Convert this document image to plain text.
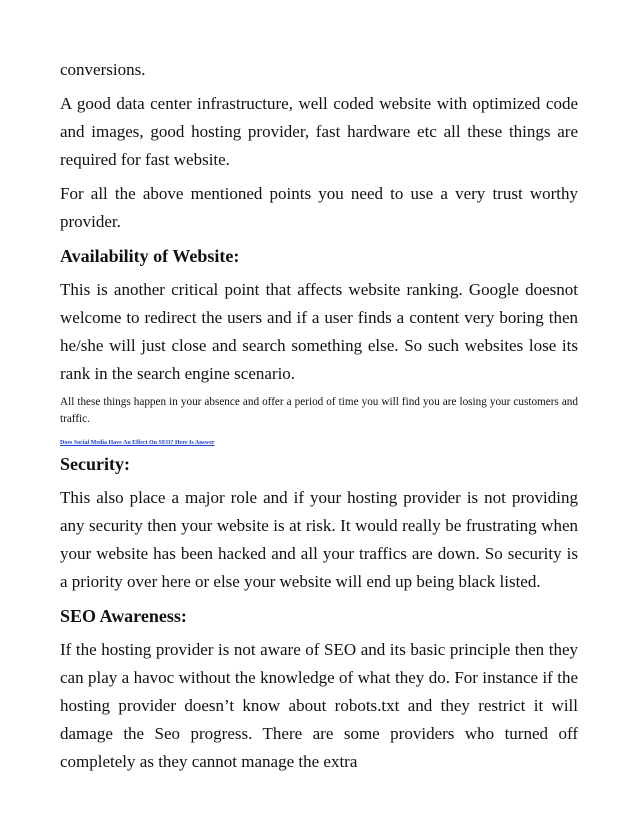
conversions.

A good data center infrastructure, well coded website with optimized code and images, good hosting provider, fast hardware etc all these things are required for fast website.

For all the above mentioned points you need to use a very trust worthy provider.

Availability of Website:

This is another critical point that affects website ranking. Google doesnot welcome to redirect the users and if a user finds a content very boring then he/she will just close and search something else. So such websites lose its rank in the search engine scenario.

All these things happen in your absence and offer a period of time you will find you are losing your customers and traffic.

Does Social Media Have An Effect On SEO? Here Is Answer
Security:

This also place a major role and if your hosting provider is not providing any security then your website is at risk. It would really be frustrating when your website has been hacked and all your traffics are down. So security is a priority over here or else your website will end up being black listed.

SEO Awareness:

If the hosting provider is not aware of SEO and its basic principle then they can play a havoc without the knowledge of what they do. For instance if the hosting provider doesn’t know about robots.txt and they restrict it will damage the Seo progress. There are some providers who turned off completely as they cannot manage the extra
